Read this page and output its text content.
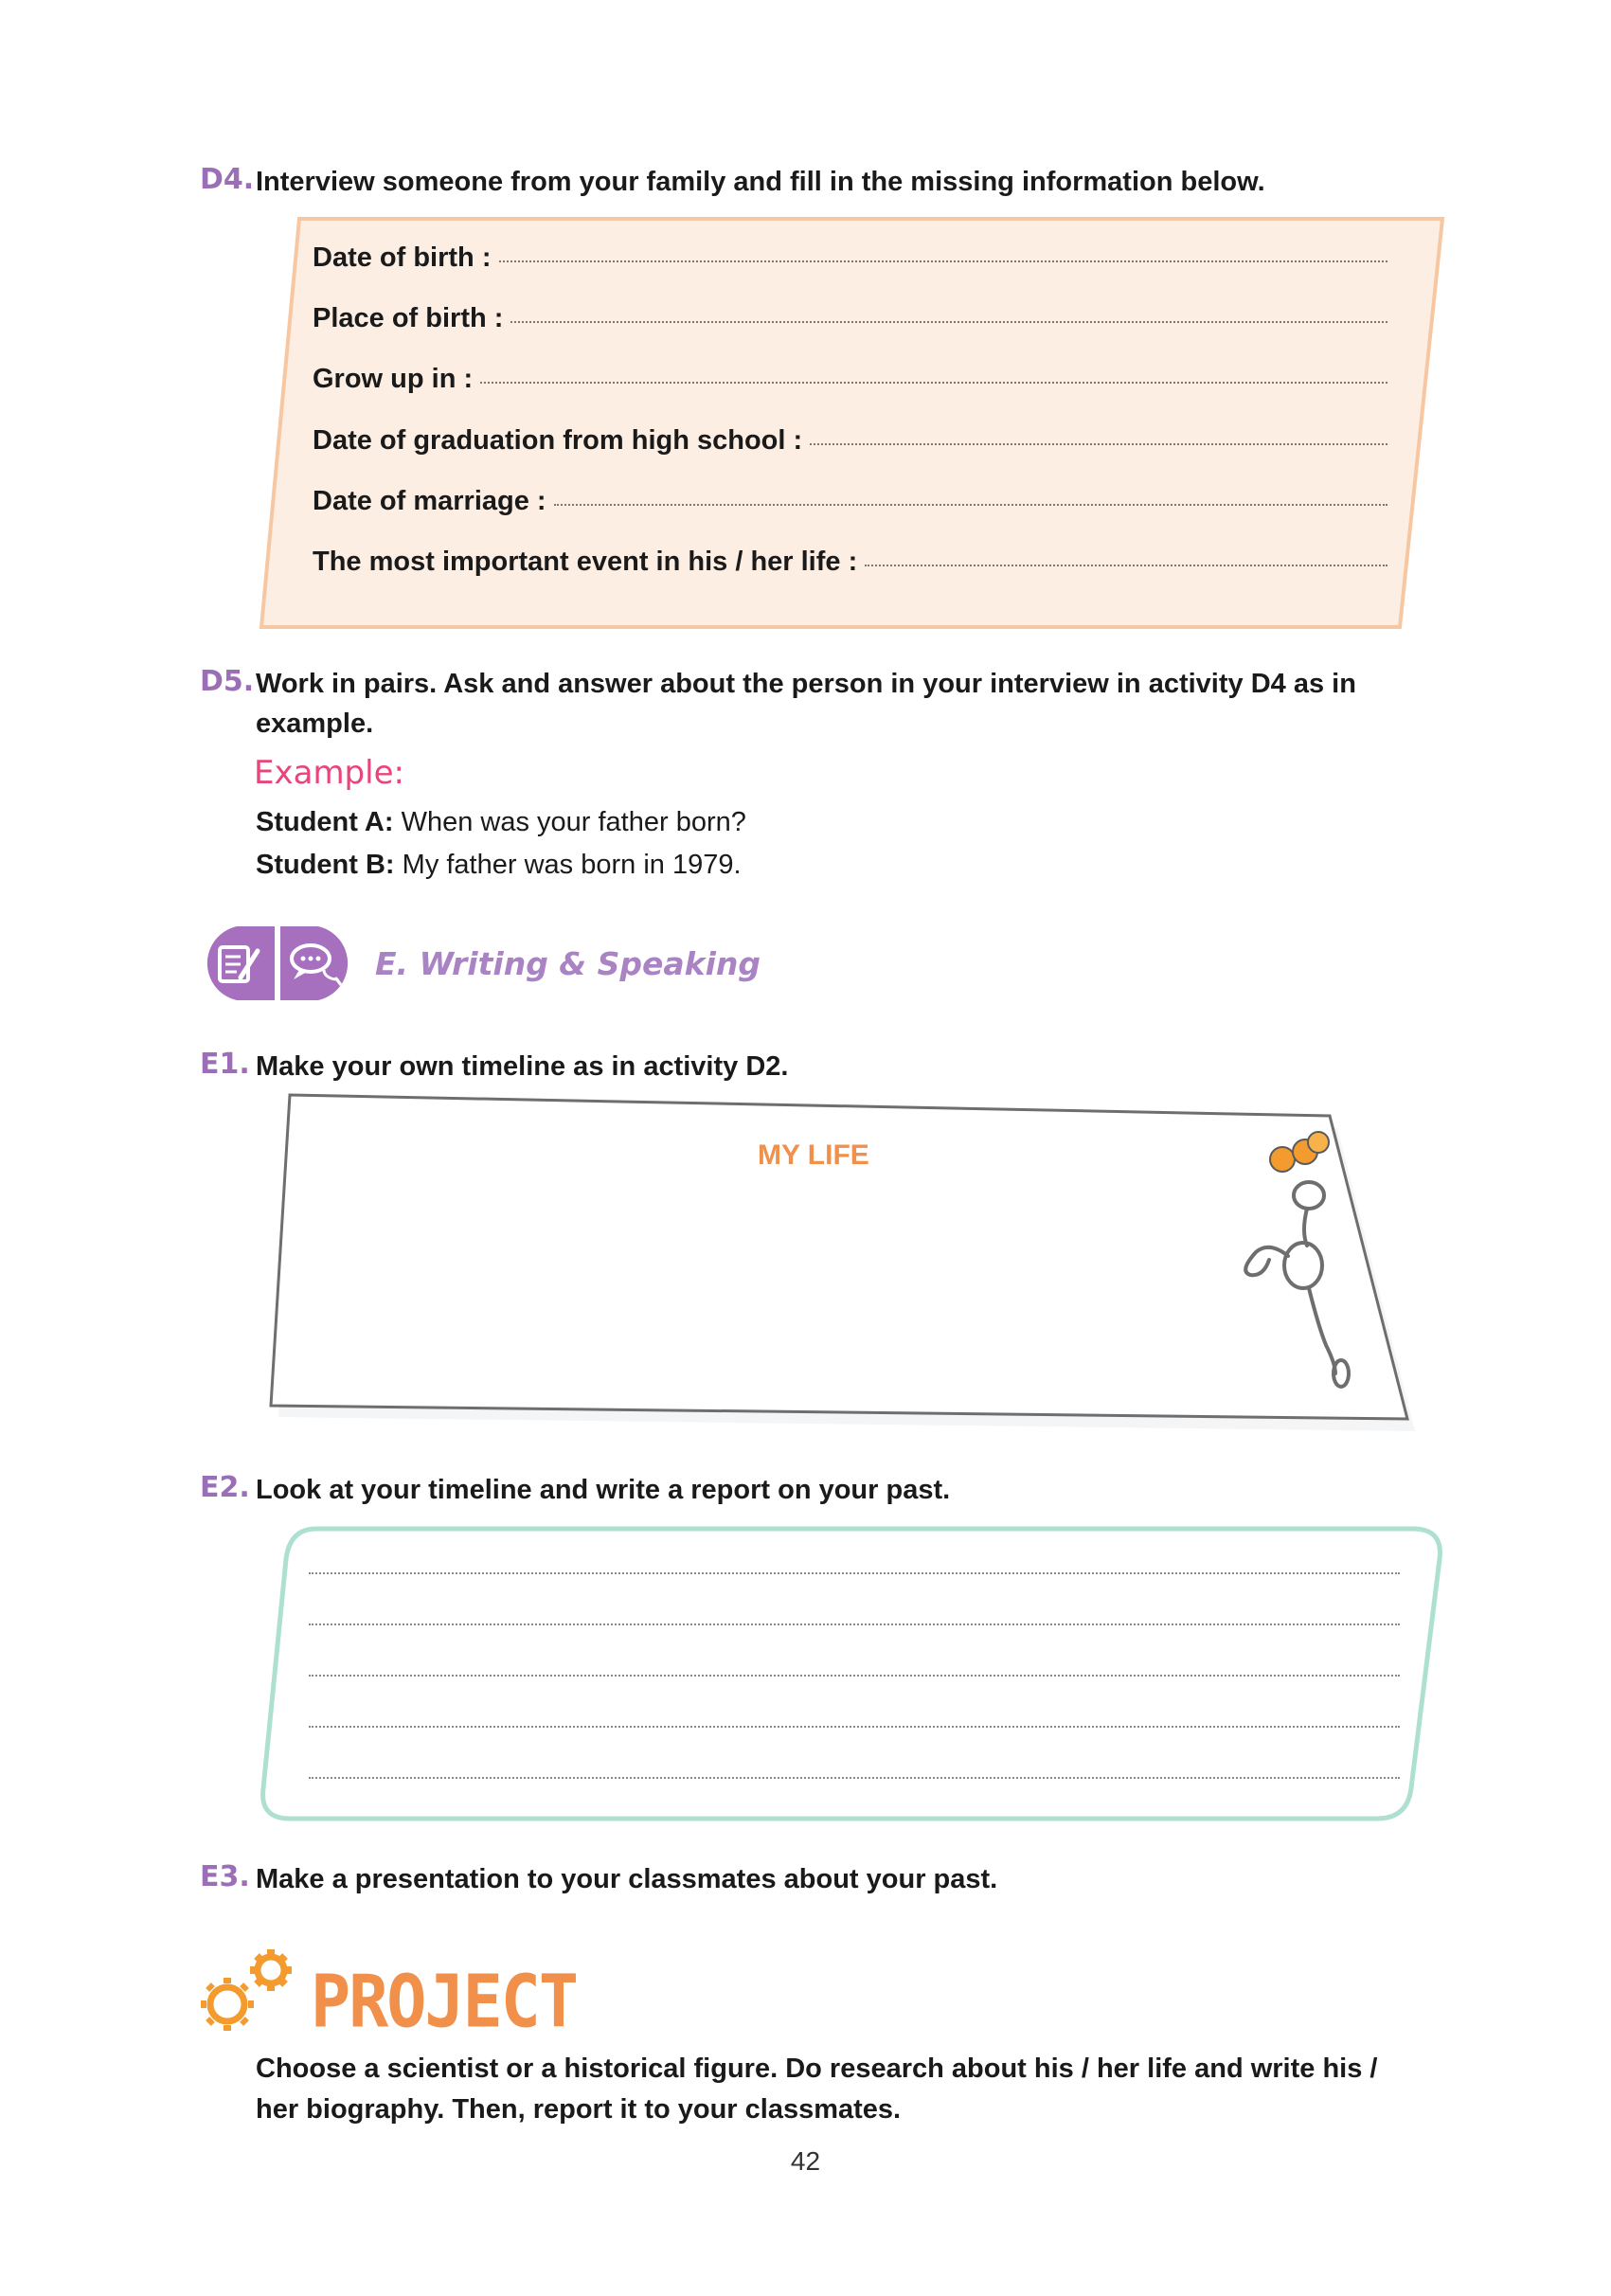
D4. Interview someone from your family and fill in the missing information below.
Date of birth :
Place of birth :
Grow up in :
Date of graduation from high school :
Date of marriage :
The most important event in his / her life :
D5. Work in pairs. Ask and answer about the person in your interview in activity D4 as in
example.
Example:
Student A: When was your father born?
Student B: My father was born in 1979.
E. Writing & Speaking
E1. Make your own timeline as in activity D2.
MY LIFE
E2. Look at your timeline and write a report on your past.
E3. Make a presentation to your classmates about your past.
PROJECT
Choose a scientist or a historical figure. Do research about his / her life and write his /
her biography. Then, report it to your classmates.
42
